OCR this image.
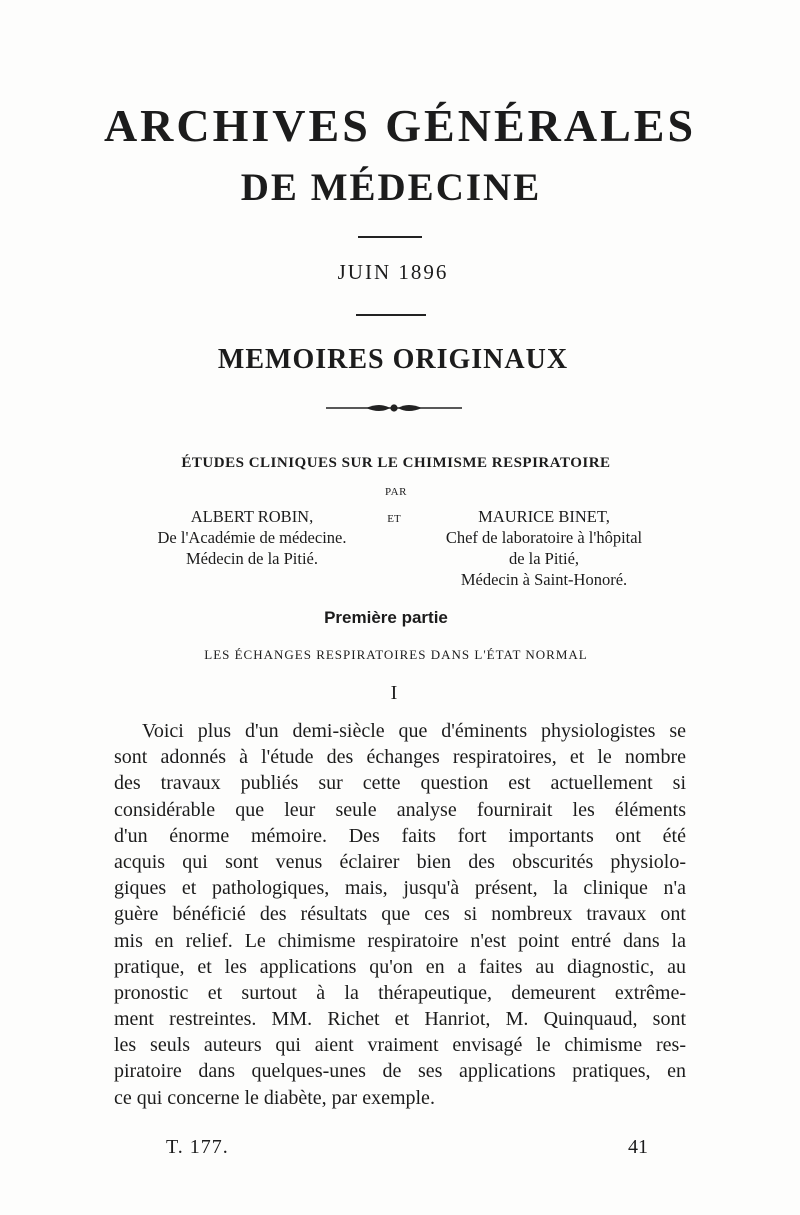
ARCHIVES GÉNÉRALES
DE MÉDECINE
JUIN 1896
MEMOIRES ORIGINAUX
ÉTUDES CLINIQUES SUR LE CHIMISME RESPIRATOIRE
PAR
ET
ALBERT ROBIN,
De l'Académie de médecine.
Médecin de la Pitié.
MAURICE BINET,
Chef de laboratoire à l'hôpital
de la Pitié,
Médecin à Saint-Honoré.
Première partie
LES ÉCHANGES RESPIRATOIRES DANS L'ÉTAT NORMAL
I
Voici plus d'un demi-siècle que d'éminents physiologistes se
sont adonnés à l'étude des échanges respiratoires, et le nombre
des travaux publiés sur cette question est actuellement si
considérable que leur seule analyse fournirait les éléments
d'un énorme mémoire. Des faits fort importants ont été
acquis qui sont venus éclairer bien des obscurités physiolo-
giques et pathologiques, mais, jusqu'à présent, la clinique n'a
guère bénéficié des résultats que ces si nombreux travaux ont
mis en relief. Le chimisme respiratoire n'est point entré dans la
pratique, et les applications qu'on en a faites au diagnostic, au
pronostic et surtout à la thérapeutique, demeurent extrême-
ment restreintes. MM. Richet et Hanriot, M. Quinquaud, sont
les seuls auteurs qui aient vraiment envisagé le chimisme res-
piratoire dans quelques-unes de ses applications pratiques, en
ce qui concerne le diabète, par exemple.
T. 177.	41
